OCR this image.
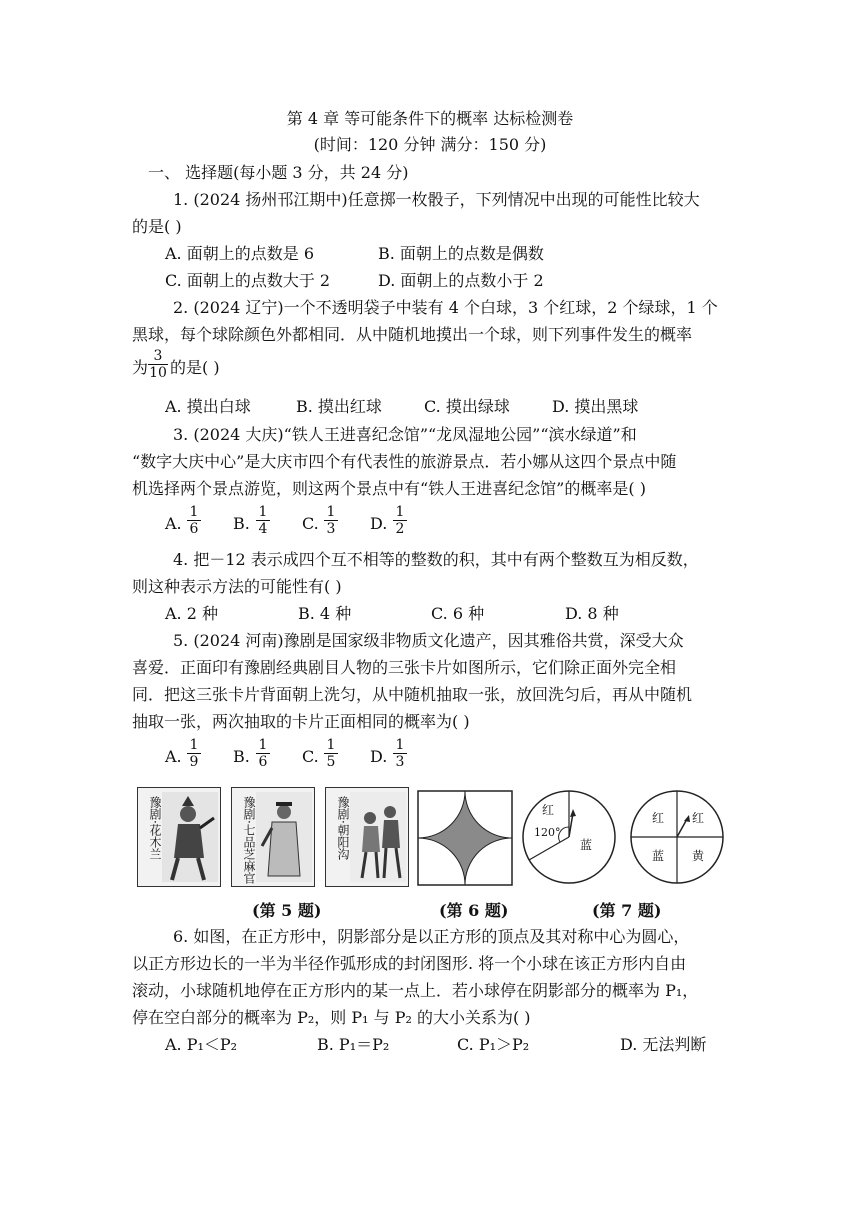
第 4 章 等可能条件下的概率 达标检测卷
(时间：120 分钟 满分：150 分)
一、 选择题(每小题 3 分，共 24 分)
1. (2024 扬州邗江期中)任意掷一枚骰子，下列情况中出现的可能性比较大
的是( )
A. 面朝上的点数是 6	B. 面朝上的点数是偶数
C. 面朝上的点数大于 2	D. 面朝上的点数小于 2
2. (2024 辽宁)一个不透明袋子中装有 4 个白球，3 个红球，2 个绿球，1 个
黑球，每个球除颜色外都相同．从中随机地摸出一个球，则下列事件发生的概率
为 $\frac{3}{10}$ 的是( )
A. 摸出白球	B. 摸出红球	C. 摸出绿球	D. 摸出黑球
3. (2024 大庆)“铁人王进喜纪念馆”“龙凤湿地公园”“滨水绿道”和
“数字大庆中心”是大庆市四个有代表性的旅游景点．若小娜从这四个景点中随
机选择两个景点游览，则这两个景点中有“铁人王进喜纪念馆”的概率是( )
A. $\frac{1}{6} B$. $\frac{1}{4} C$. $\frac{1}{3} D$. $\frac{1}{2}$
4. 把－12 表示成四个互不相等的整数的积，其中有两个整数互为相反数，
则这种表示方法的可能性有( )
A. 2 种	B. 4 种	C. 6 种	D. 8 种
5. (2024 河南)豫剧是国家级非物质文化遗产，因其雅俗共赏，深受大众
喜爱．正面印有豫剧经典剧目人物的三张卡片如图所示，它们除正面外完全相
同．把这三张卡片背面朝上洗匀，从中随机抽取一张，放回洗匀后，再从中随机
抽取一张，两次抽取的卡片正面相同的概率为( )
A. $\frac{1}{9} B$. $\frac{1}{6} C$. $\frac{1}{5} D$. $\frac{1}{3}$
豫剧·花木兰	豫剧·七品芝麻官	豫剧·朝阳沟	红
120°
蓝
红 红
蓝 黄
(第 5 题)	(第 6 题)	(第 7 题)
6. 如图，在正方形中，阴影部分是以正方形的顶点及其对称中心为圆心，
以正方形边长的一半为半径作弧形成的封闭图形. 将一个小球在该正方形内自由
滚动，小球随机地停在正方形内的某一点上．若小球停在阴影部分的概率为 P₁，
停在空白部分的概率为 P₂，则 P₁ 与 P₂ 的大小关系为( )
A. P₁＜P₂	B. P₁＝P₂	C. P₁＞P₂	D. 无法判断
